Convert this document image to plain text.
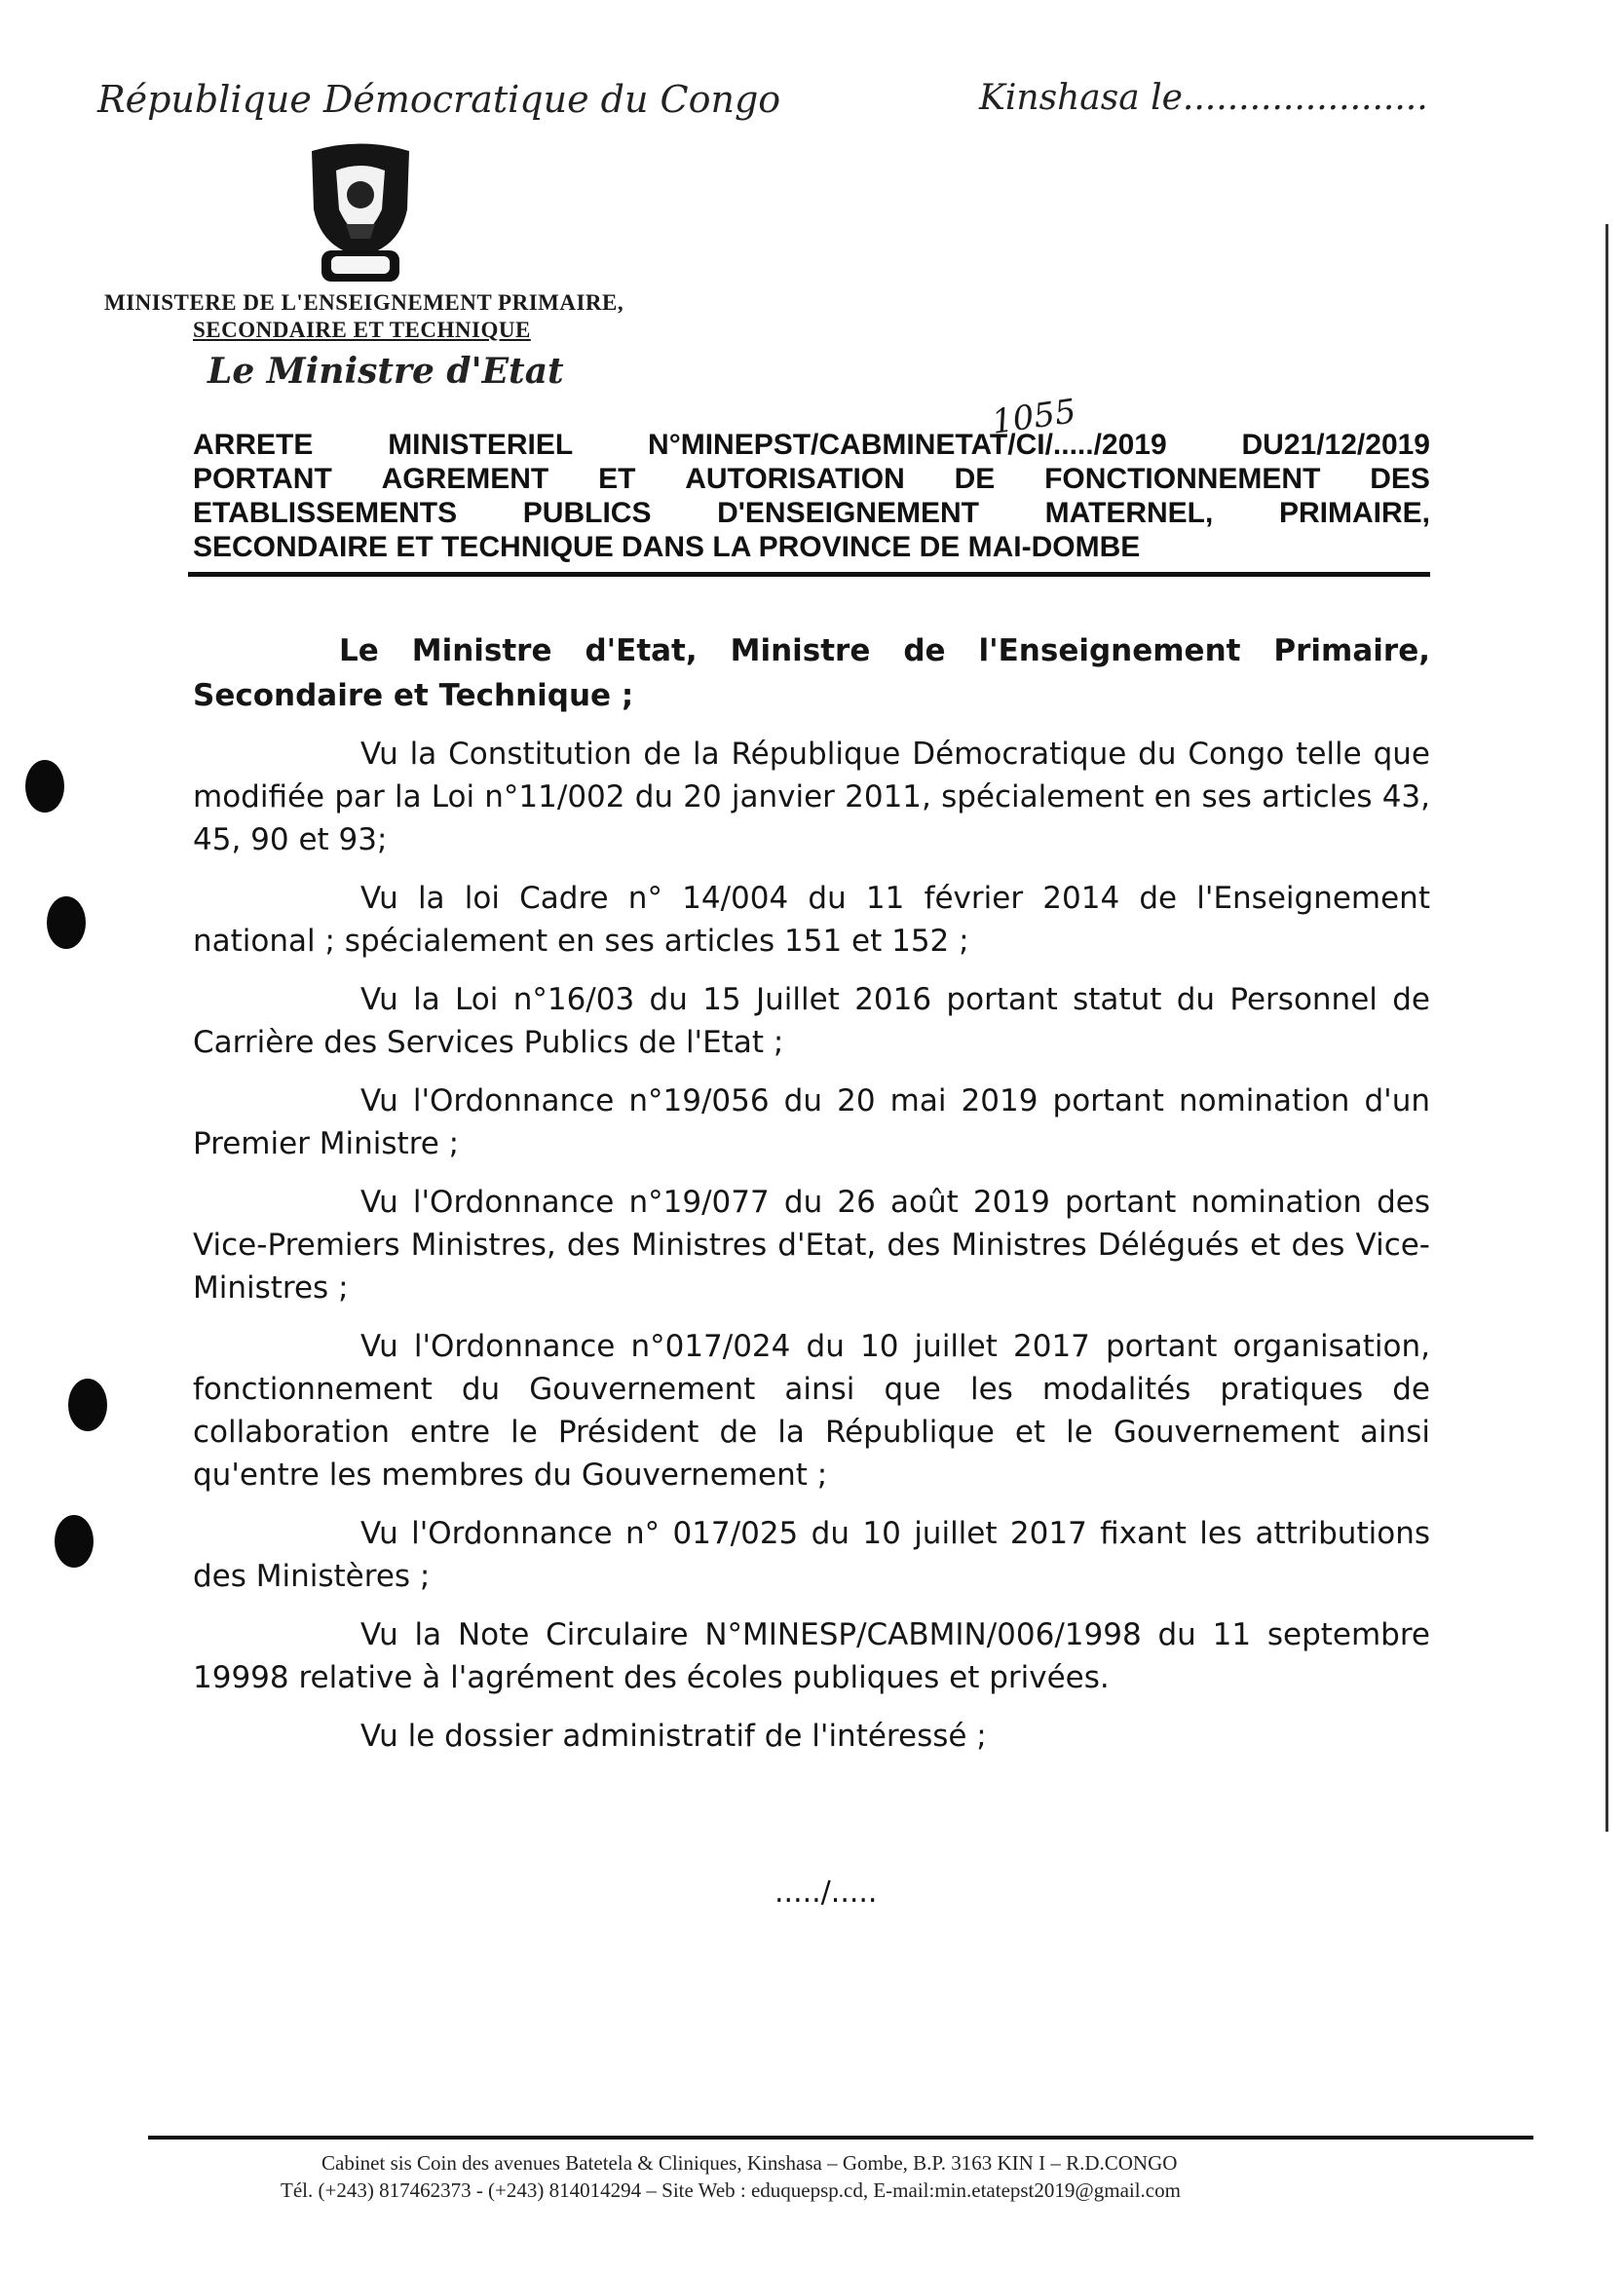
République Démocratique du Congo	Kinshasa le......................
MINISTERE DE L'ENSEIGNEMENT PRIMAIRE,
SECONDAIRE ET TECHNIQUE
Le Ministre d'Etat
1055
ARRETE	MINISTERIEL	N°MINEPST/CABMINETAT/CI/...../2019	DU21/12/2019
PORTANT AGREMENT ET AUTORISATION DE FONCTIONNEMENT DES
ETABLISSEMENTS PUBLICS D'ENSEIGNEMENT MATERNEL, PRIMAIRE,
SECONDAIRE ET TECHNIQUE DANS LA PROVINCE DE MAI-DOMBE

Le Ministre d'Etat, Ministre de l'Enseignement Primaire, Secondaire et Technique ;

Vu la Constitution de la République Démocratique du Congo telle que modifiée par la Loi n°11/002 du 20 janvier 2011, spécialement en ses articles 43, 45, 90 et 93;

Vu la loi Cadre n° 14/004 du 11 février 2014 de l'Enseignement national ; spécialement en ses articles 151 et 152 ;

Vu la Loi n°16/03 du 15 Juillet 2016 portant statut du Personnel de Carrière des Services Publics de l'Etat ;

Vu l'Ordonnance n°19/056 du 20 mai 2019 portant nomination d'un Premier Ministre ;

Vu l'Ordonnance n°19/077 du 26 août 2019 portant nomination des Vice-Premiers Ministres, des Ministres d'Etat, des Ministres Délégués et des Vice-Ministres ;

Vu l'Ordonnance n°017/024 du 10 juillet 2017 portant organisation, fonctionnement du Gouvernement ainsi que les modalités pratiques de collaboration entre le Président de la République et le Gouvernement ainsi qu'entre les membres du Gouvernement ;

Vu l'Ordonnance n° 017/025 du 10 juillet 2017 fixant les attributions des Ministères ;

Vu la Note Circulaire N°MINESP/CABMIN/006/1998 du 11 septembre 19998 relative à l'agrément des écoles publiques et privées.

Vu le dossier administratif de l'intéressé ;

...../.....
Cabinet sis Coin des avenues Batetela & Cliniques, Kinshasa – Gombe, B.P. 3163 KIN I – R.D.CONGO
Tél. (+243) 817462373 - (+243) 814014294 – Site Web : eduquepsp.cd, E-mail:min.etatepst2019@gmail.com
